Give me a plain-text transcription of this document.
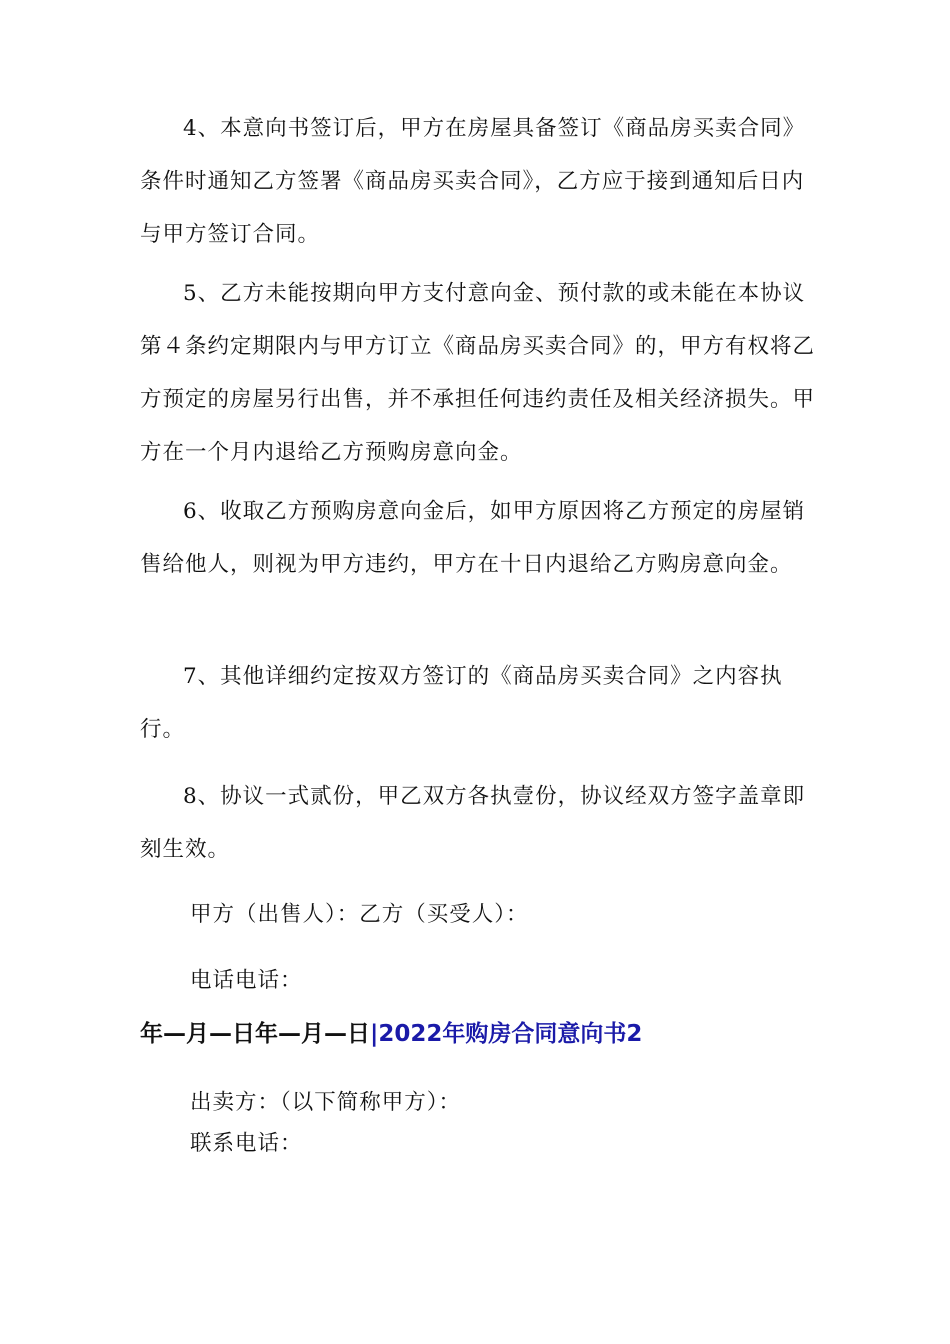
4、本意向书签订后，甲方在房屋具备签订《商品房买卖合同》条件时通知乙方签署《商品房买卖合同》，乙方应于接到通知后日内与甲方签订合同。

5、乙方未能按期向甲方支付意向金、预付款的或未能在本协议第４条约定期限内与甲方订立《商品房买卖合同》的，甲方有权将乙方预定的房屋另行出售，并不承担任何违约责任及相关经济损失。甲方在一个月内退给乙方预购房意向金。

6、收取乙方预购房意向金后，如甲方原因将乙方预定的房屋销售给他人，则视为甲方违约，甲方在十日内退给乙方购房意向金。

7、其他详细约定按双方签订的《商品房买卖合同》之内容执行。

8、协议一式贰份，甲乙双方各执壹份，协议经双方签字盖章即刻生效。

甲方（出售人）：乙方（买受人）：

电话电话：

年—月—日年—月—日|2022年购房合同意向书2

出卖方：（以下简称甲方）：

联系电话：
